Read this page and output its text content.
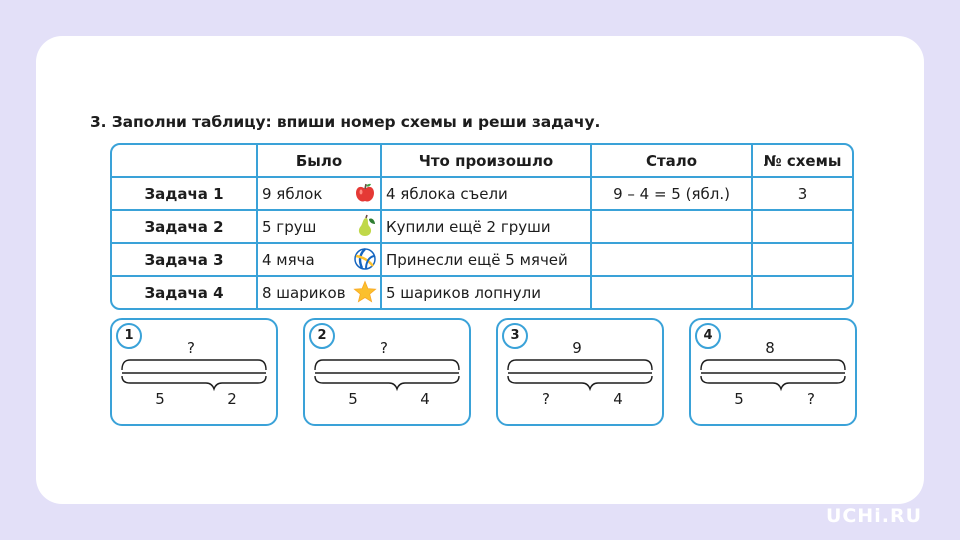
3. Заполни таблицу: впиши номер схемы и реши задачу.
	Было	Что произошло	Стало	№ схемы
Задача 1	9 яблок	4 яблока съели	9 – 4 = 5 (ябл.)	3
Задача 2	5 груш	Купили ещё 2 груши		
Задача 3	4 мяча	Принесли ещё 5 мячей		
Задача 4	8 шариков	5 шариков лопнули		
1
?
5	2
2
?
5	4
3
9
?	4
4
8
5	?
UCHi.RU
